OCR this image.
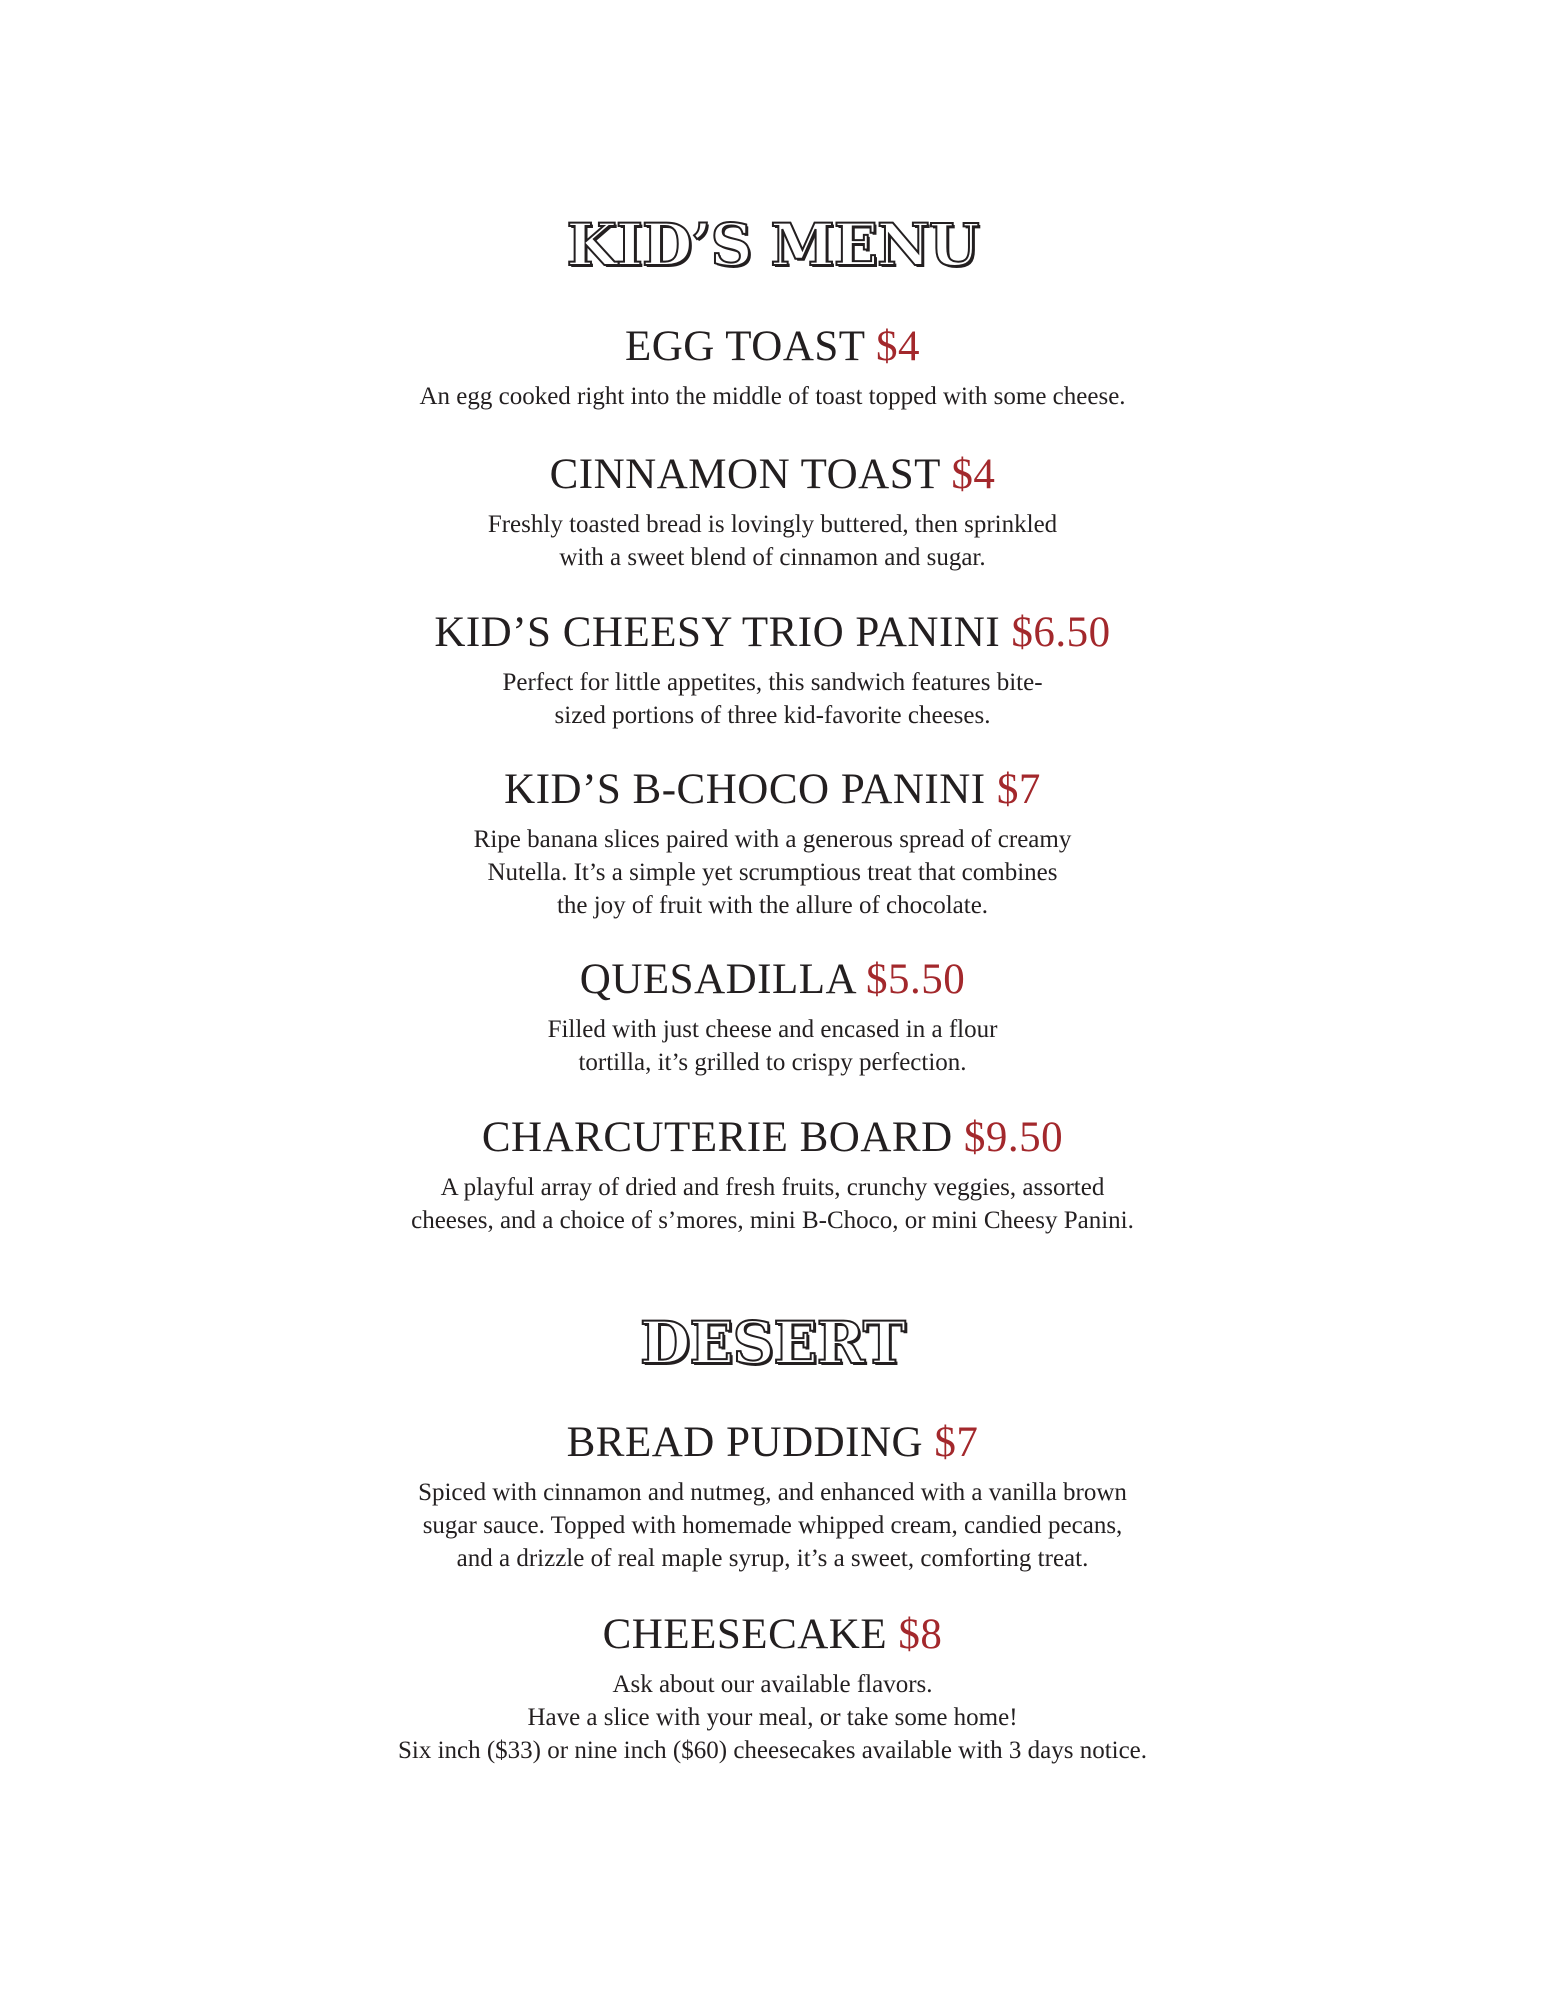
KID’S MENU
EGG TOAST $4

An egg cooked right into the middle of toast topped with some cheese.

CINNAMON TOAST $4

Freshly toasted bread is lovingly buttered, then sprinkled
with a sweet blend of cinnamon and sugar.

KID’S CHEESY TRIO PANINI $6.50

Perfect for little appetites, this sandwich features bite-
sized portions of three kid-favorite cheeses.

KID’S B-CHOCO PANINI $7

Ripe banana slices paired with a generous spread of creamy
Nutella. It’s a simple yet scrumptious treat that combines
the joy of fruit with the allure of chocolate.

QUESADILLA $5.50

Filled with just cheese and encased in a flour
tortilla, it’s grilled to crispy perfection.

CHARCUTERIE BOARD $9.50

A playful array of dried and fresh fruits, crunchy veggies, assorted
cheeses, and a choice of s’mores, mini B-Choco, or mini Cheesy Panini.

DESERT
BREAD PUDDING $7

Spiced with cinnamon and nutmeg, and enhanced with a vanilla brown
sugar sauce. Topped with homemade whipped cream, candied pecans,
and a drizzle of real maple syrup, it’s a sweet, comforting treat.

CHEESECAKE $8

Ask about our available flavors.
Have a slice with your meal, or take some home!
Six inch ($33) or nine inch ($60) cheesecakes available with 3 days notice.
